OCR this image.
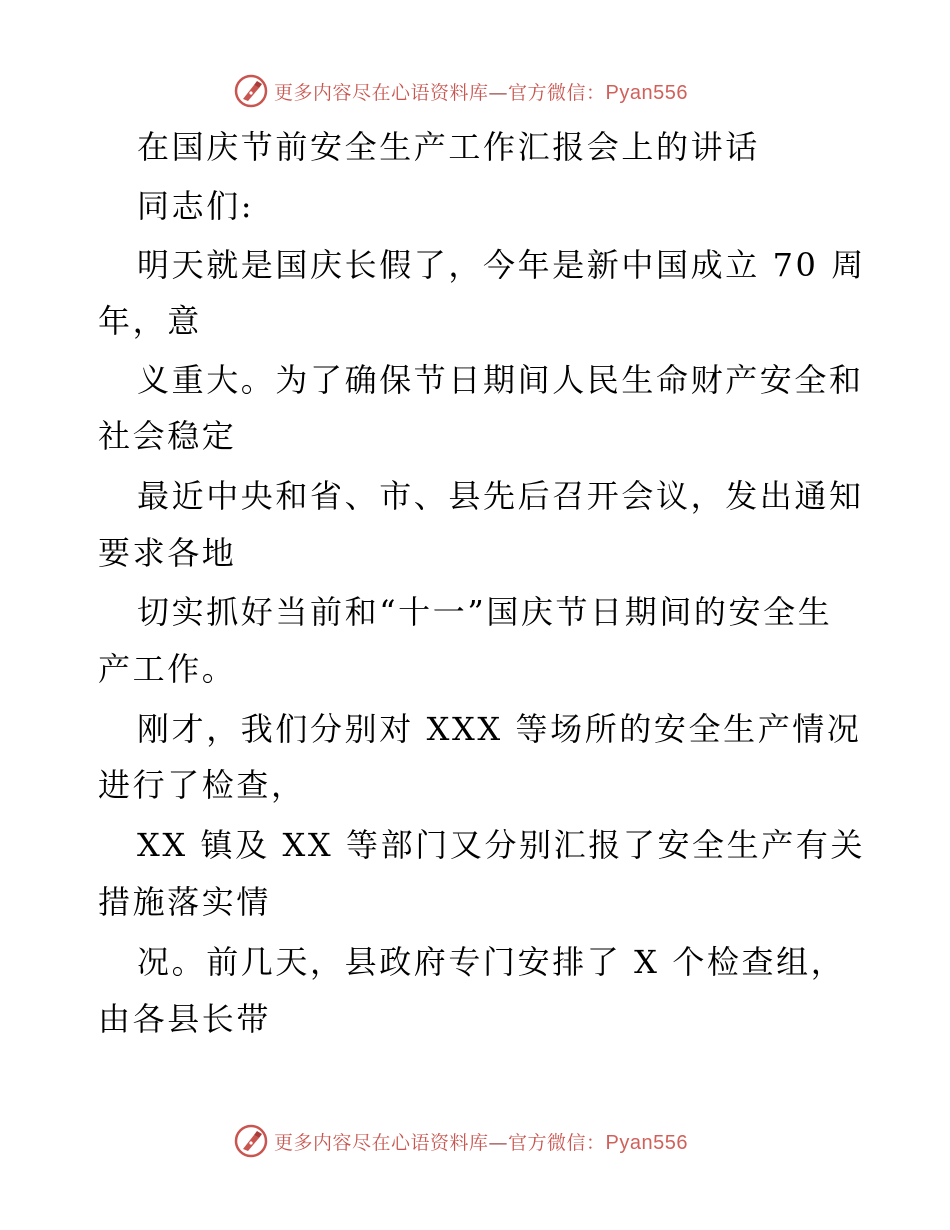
更多内容尽在心语资料库—官方微信：Pyan556
在国庆节前安全生产工作汇报会上的讲话
同志们:
明天就是国庆长假了，今年是新中国成立 70 周
年，意
义重大。为了确保节日期间人民生命财产安全和
社会稳定
最近中央和省、市、县先后召开会议，发出通知
要求各地
切实抓好当前和“十一”国庆节日期间的安全生
产工作。
刚才，我们分别对 XXX 等场所的安全生产情况
进行了检查，
XX 镇及 XX 等部门又分别汇报了安全生产有关
措施落实情
况。前几天，县政府专门安排了 X 个检查组，
由各县长带
更多内容尽在心语资料库—官方微信：Pyan556
